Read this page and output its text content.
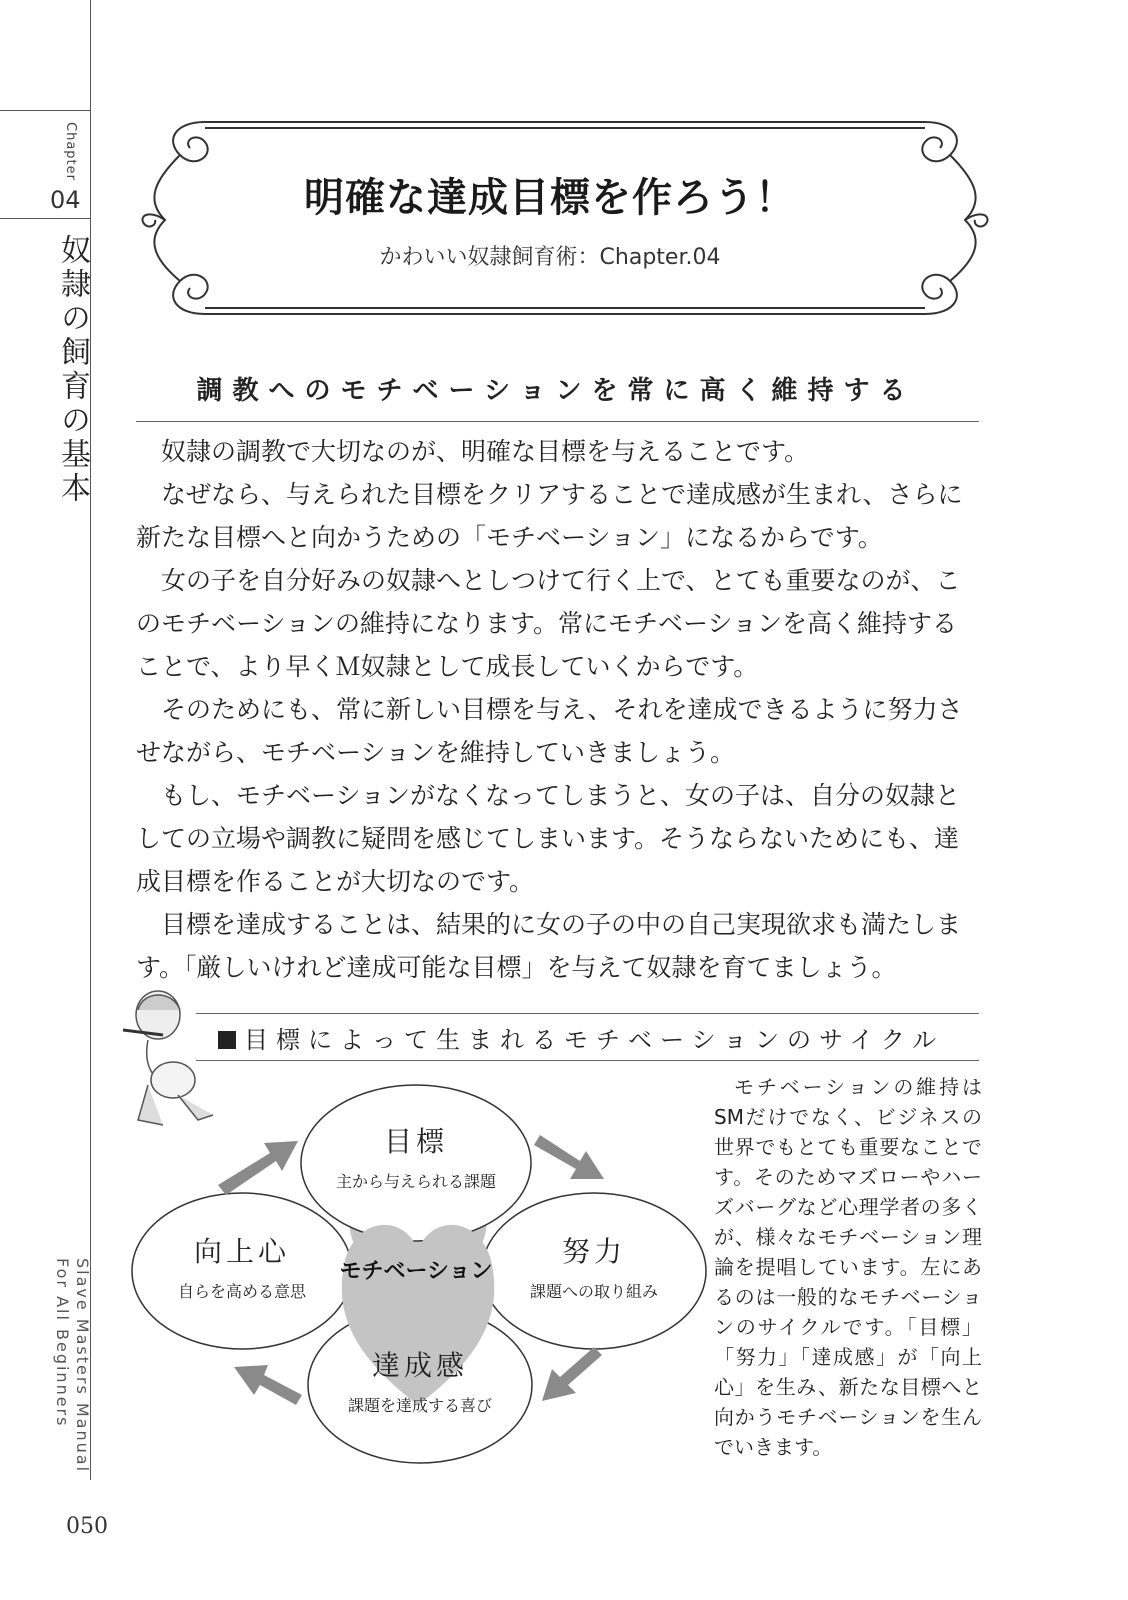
Chapter
04
奴隷の飼育の基本
Slave Masters Manual
For All Beginners
050
明確な達成目標を作ろう！
かわいい奴隷飼育術：Chapter.04
調教へのモチベーションを常に高く維持する

奴隷の調教で大切なのが、明確な目標を与えることです。

なぜなら、与えられた目標をクリアすることで達成感が生まれ、さらに新たな目標へと向かうための「モチベーション」になるからです。

女の子を自分好みの奴隷へとしつけて行く上で、とても重要なのが、このモチベーションの維持になります。常にモチベーションを高く維持することで、より早くＭ奴隷として成長していくからです。

そのためにも、常に新しい目標を与え、それを達成できるように努力させながら、モチベーションを維持していきましょう。

もし、モチベーションがなくなってしまうと、女の子は、自分の奴隷としての立場や調教に疑問を感じてしまいます。そうならないためにも、達成目標を作ることが大切なのです。

目標を達成することは、結果的に女の子の中の自己実現欲求も満たします。「厳しいけれど達成可能な目標」を与えて奴隷を育てましょう。

目標によって生まれるモチベーションのサイクル
目標
主から与えられる課題
努力
課題への取り組み
達成感
課題を達成する喜び
向上心
自らを高める意思
モチベーション

モチベーションの維持はSMだけでなく、ビジネスの世界でもとても重要なことです。そのためマズローやハーズバーグなど心理学者の多くが、様々なモチベーション理論を提唱しています。左にあるのは一般的なモチベーションのサイクルです。「目標」「努力」「達成感」が「向上心」を生み、新たな目標へと向かうモチベーションを生んでいきます。
